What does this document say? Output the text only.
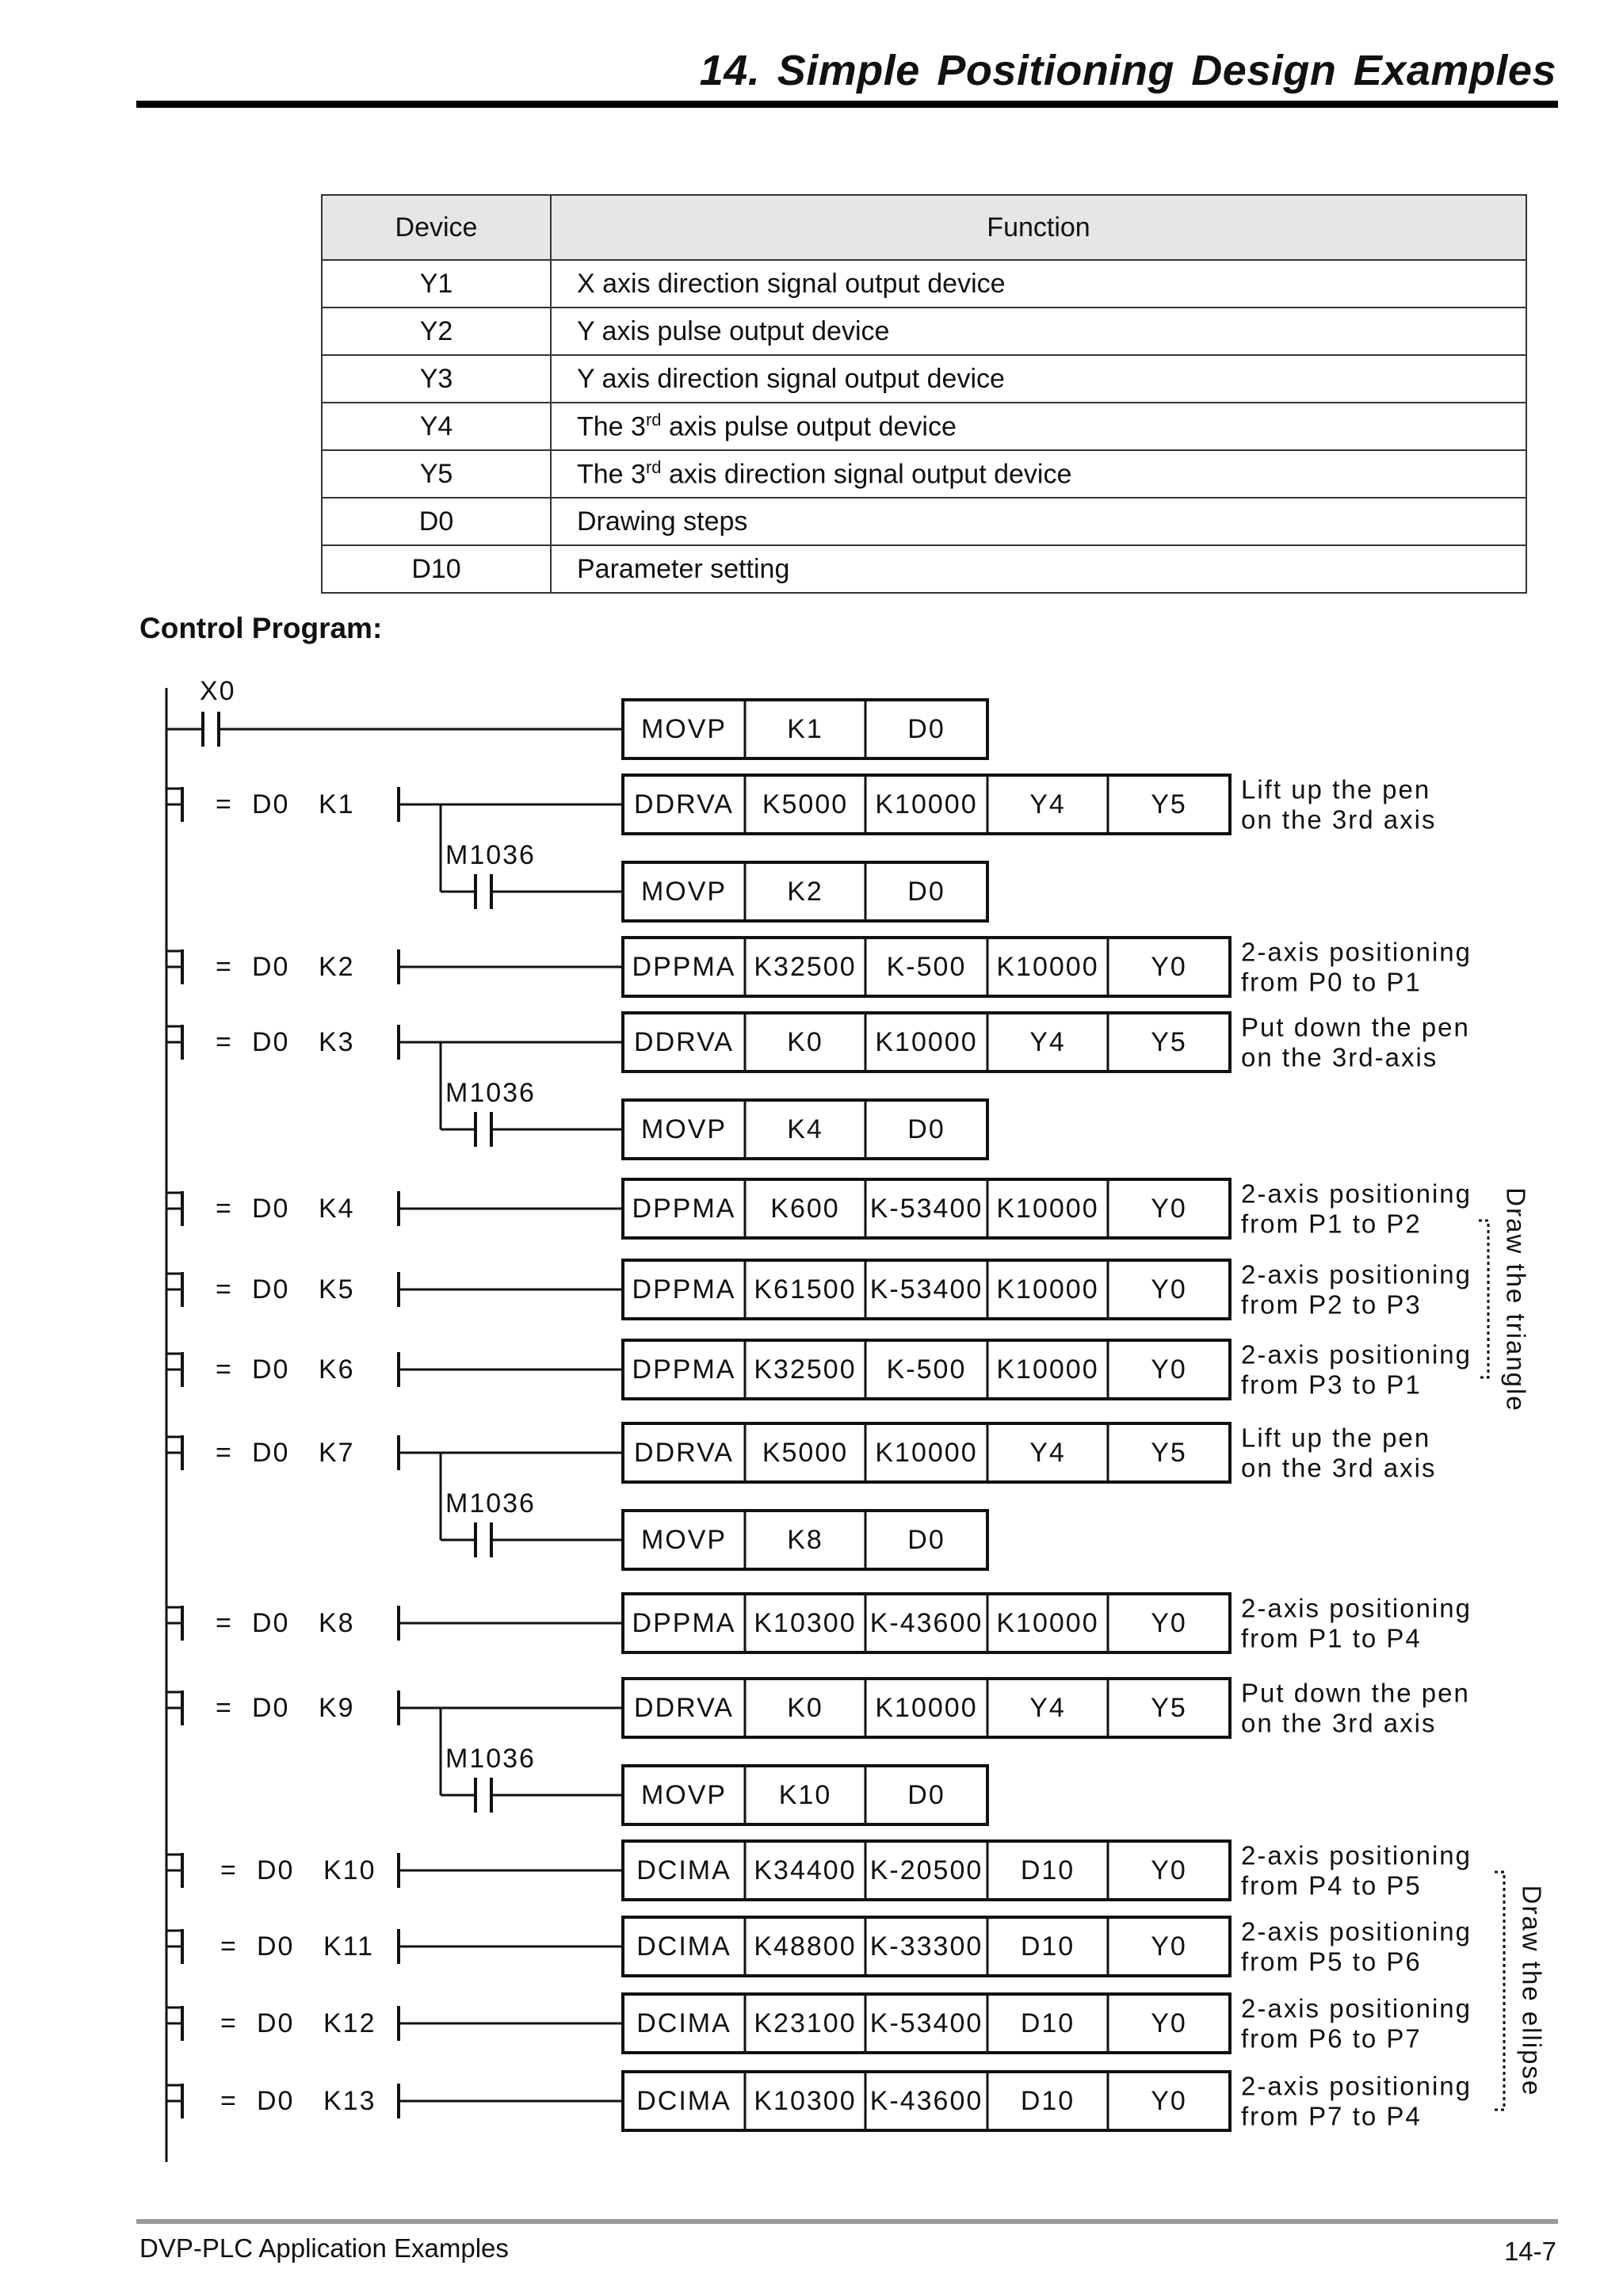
14. Simple Positioning Design Examples
Device	Function
Y1	X axis direction signal output device
Y2	Y axis pulse output device
Y3	Y axis direction signal output device
Y4	The 3rd axis pulse output device
Y5	The 3rd axis direction signal output device
D0	Drawing steps
D10	Parameter setting
Control Program:
X0
MOVP K1	D0
= D0 K1	DDRVA K5000 K10000 Y4	Y5 Lift up the pen
on the 3rd axis
M1036
MOVP K2	D0
= D0 K2	DPPMA K32500 K-500 K10000 Y0 2-axis positioning
from P0 to P1
= D0 K3	DDRVA K0 K10000 Y4	Y5 Put down the pen
on the 3rd-axis
M1036
MOVP K4	D0
= D0 K4	DPPMA K600 K-53400 K10000 Y0 2-axis positioning
from P1 to P2
= D0 K5	DPPMA K61500 K-53400 K10000 Y0 2-axis positioning
from P2 to P3
= D0 K6	DPPMA K32500 K-500 K10000 Y0 2-axis positioning
from P3 to P1
= D0 K7	DDRVA K5000 K10000 Y4	Y5 Lift up the pen
on the 3rd axis
M1036
MOVP K8	D0
= D0 K8	DPPMA K10300 K-43600 K10000 Y0 2-axis positioning
from P1 to P4
= D0 K9	DDRVA K0 K10000 Y4	Y5 Put down the pen
on the 3rd axis
M1036
MOVP K10	D0
= D0 K10	DCIMA K34400 K-20500 D10	Y0 2-axis positioning
from P4 to P5
= D0 K11	DCIMA K48800 K-33300 D10	Y0 2-axis positioning
from P5 to P6
= D0 K12	DCIMA K23100 K-53400 D10	Y0 2-axis positioning
from P6 to P7
= D0 K13	DCIMA K10300 K-43600 D10	Y0 2-axis positioning
from P7 to P4
Draw the triangle
Draw the ellipse
DVP-PLC Application Examples	14-7
